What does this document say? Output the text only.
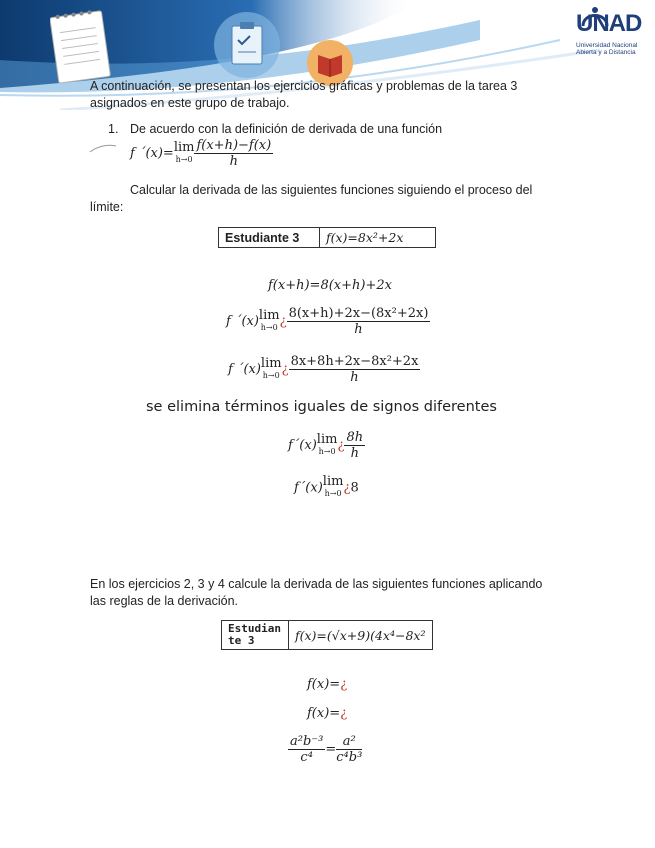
UNAD
Universidad Nacional
Abierta y a Distancia
A continuación, se presentan los ejercicios gráficas y problemas de la tarea 3
asignados en este grupo de trabajo.
1. De acuerdo con la definición de derivada de una función
f ´(x)=lim
$h\to 0 \frac{f(x+h)-f(x)}{h}$
Calcular la derivada de las siguientes funciones siguiendo el proceso del
límite:
Estudiante 3	f(x)=8x²+2x
f(x+h)=8(x+h)+2x
f ´(x)lim
h→0 ¿ $\frac{\text{8(x+h)+2x−(8x²+2x)}}{h}$
f ´(x)lim
h→0 ¿ $\frac{\text{8x+8h+2x−8x²+2x}}{h}$
se elimina términos iguales de signos diferentes
f´(x)lim
h→0 ¿ $\frac{8h}{h}$
f´(x)lim
h→0 ¿8
En los ejercicios 2, 3 y 4 calcule la derivada de las siguientes funciones aplicando
las reglas de la derivación.
Estudian
te 3	f(x)=(√x+9)(4x⁴−8x²
f(x)=¿
f(x)=¿
$\frac{\text{a²b⁻³}}{\text{c⁴}} = \frac{\text{a²}}{\text{c⁴b³}}$
